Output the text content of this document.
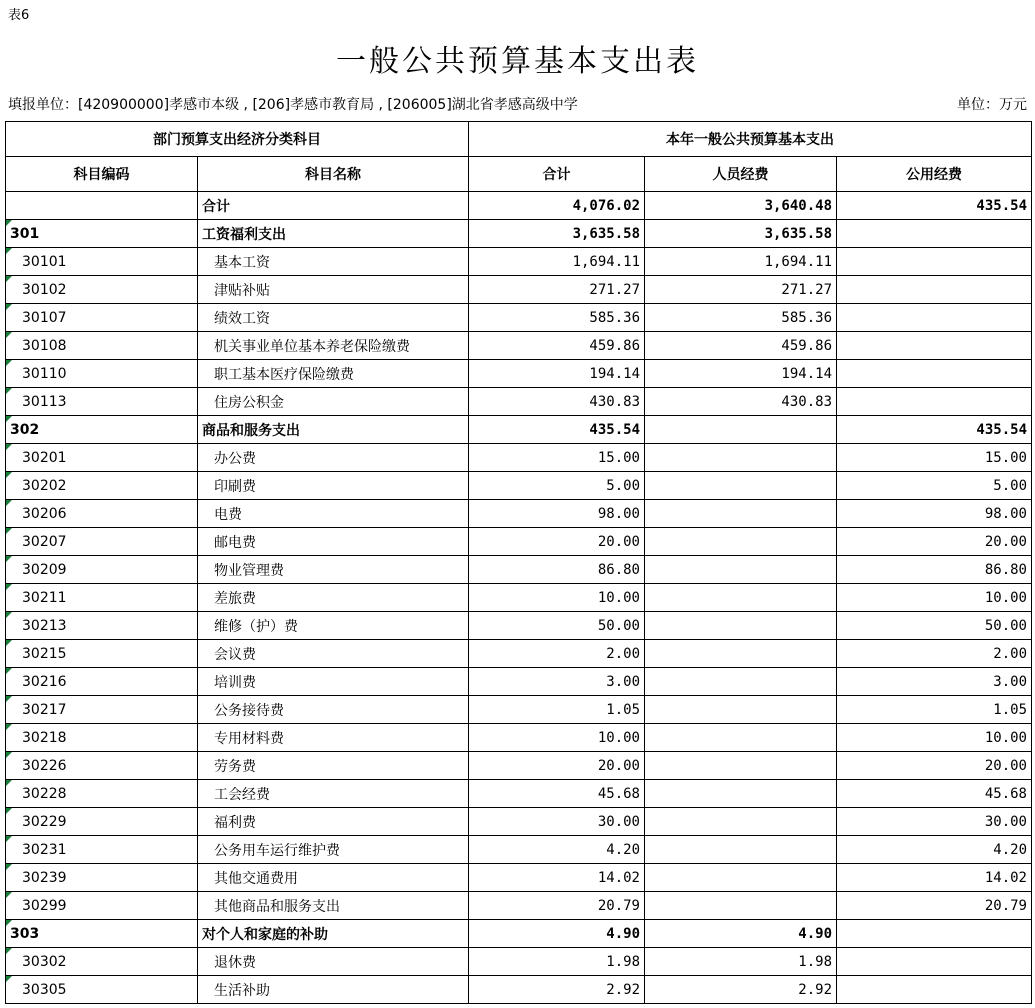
表6
一般公共预算基本支出表
填报单位：[420900000]孝感市本级 , [206]孝感市教育局 , [206005]湖北省孝感高级中学	单位：万元
部门预算支出经济分类科目		本年一般公共预算基本支出		
科目编码	科目名称	合计	人员经费	公用经费
	合计	4,076.02	3,640.48	435.54

301	工资福利支出	3,635.58	3,635.58	

30101	基本工资	1,694.11	1,694.11	

30102	津贴补贴	271.27	271.27	

30107	绩效工资	585.36	585.36	

30108	机关事业单位基本养老保险缴费	459.86	459.86	

30110	职工基本医疗保险缴费	194.14	194.14	

30113	住房公积金	430.83	430.83	

302	商品和服务支出	435.54		435.54

30201	办公费	15.00		15.00

30202	印刷费	5.00		5.00

30206	电费	98.00		98.00

30207	邮电费	20.00		20.00

30209	物业管理费	86.80		86.80

30211	差旅费	10.00		10.00

30213	维修（护）费	50.00		50.00

30215	会议费	2.00		2.00

30216	培训费	3.00		3.00

30217	公务接待费	1.05		1.05

30218	专用材料费	10.00		10.00

30226	劳务费	20.00		20.00

30228	工会经费	45.68		45.68

30229	福利费	30.00		30.00

30231	公务用车运行维护费	4.20		4.20

30239	其他交通费用	14.02		14.02

30299	其他商品和服务支出	20.79		20.79

303	对个人和家庭的补助	4.90	4.90	

30302	退休费	1.98	1.98	

30305	生活补助	2.92	2.92	
